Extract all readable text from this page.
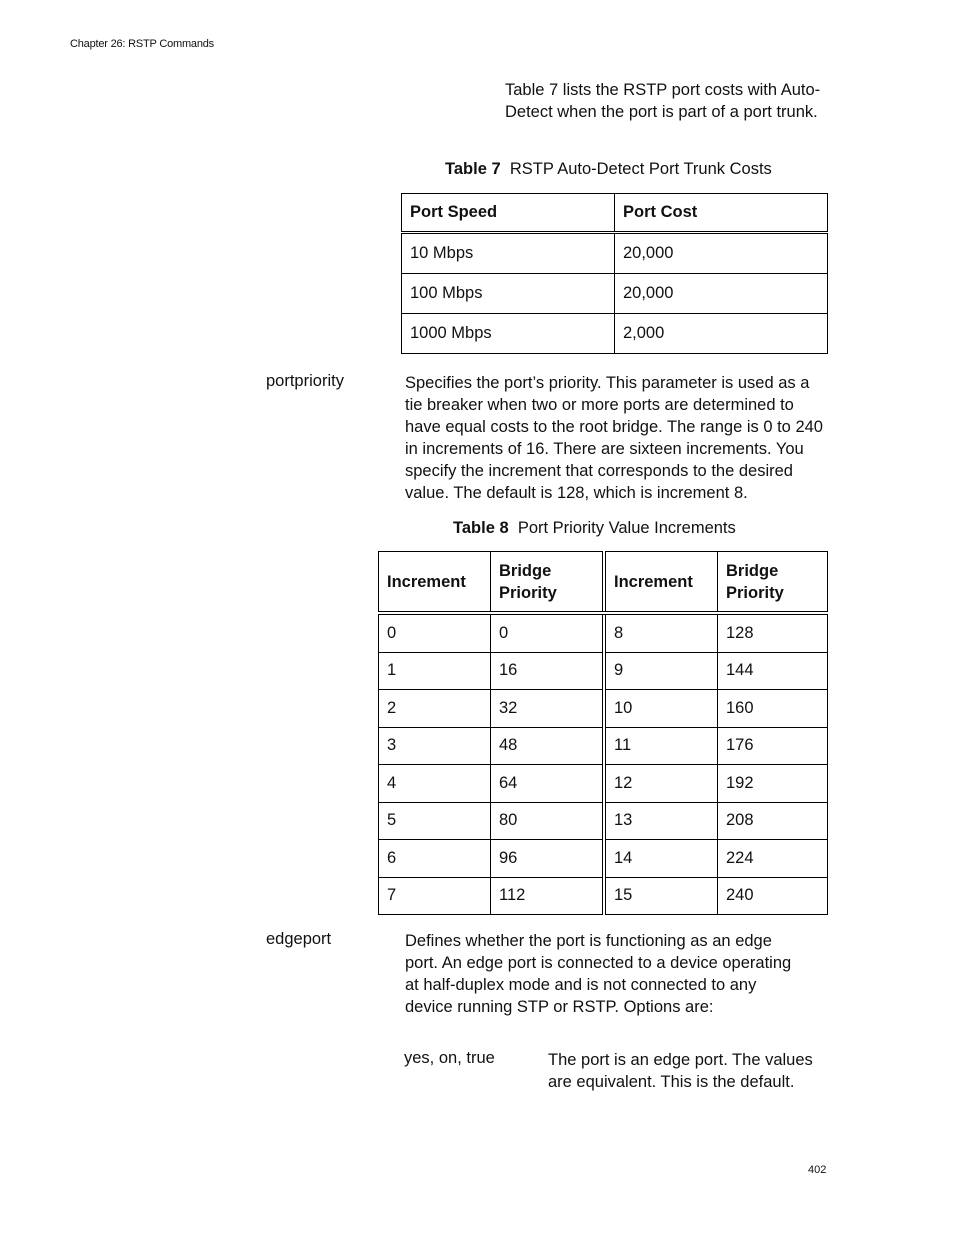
Chapter 26: RSTP Commands
Table 7 lists the RSTP port costs with Auto-Detect when the port is part of a port trunk.
Table 7 RSTP Auto-Detect Port Trunk Costs
Port Speed	Port Cost
10 Mbps	20,000
100 Mbps	20,000
1000 Mbps	2,000
portpriority	Specifies the port’s priority. This parameter is used as a tie breaker when two or more ports are determined to have equal costs to the root bridge. The range is 0 to 240 in increments of 16. There are sixteen increments. You specify the increment that corresponds to the desired value. The default is 128, which is increment 8.
Table 8 Port Priority Value Increments
Increment	Bridge Priority	Increment	Bridge Priority
0	0	8	128
1	16	9	144
2	32	10	160
3	48	11	176
4	64	12	192
5	80	13	208
6	96	14	224
7	112	15	240
edgeport	Defines whether the port is functioning as an edge port. An edge port is connected to a device operating at half-duplex mode and is not connected to any device running STP or RSTP. Options are:
yes, on, true	The port is an edge port. The values are equivalent. This is the default.
402
